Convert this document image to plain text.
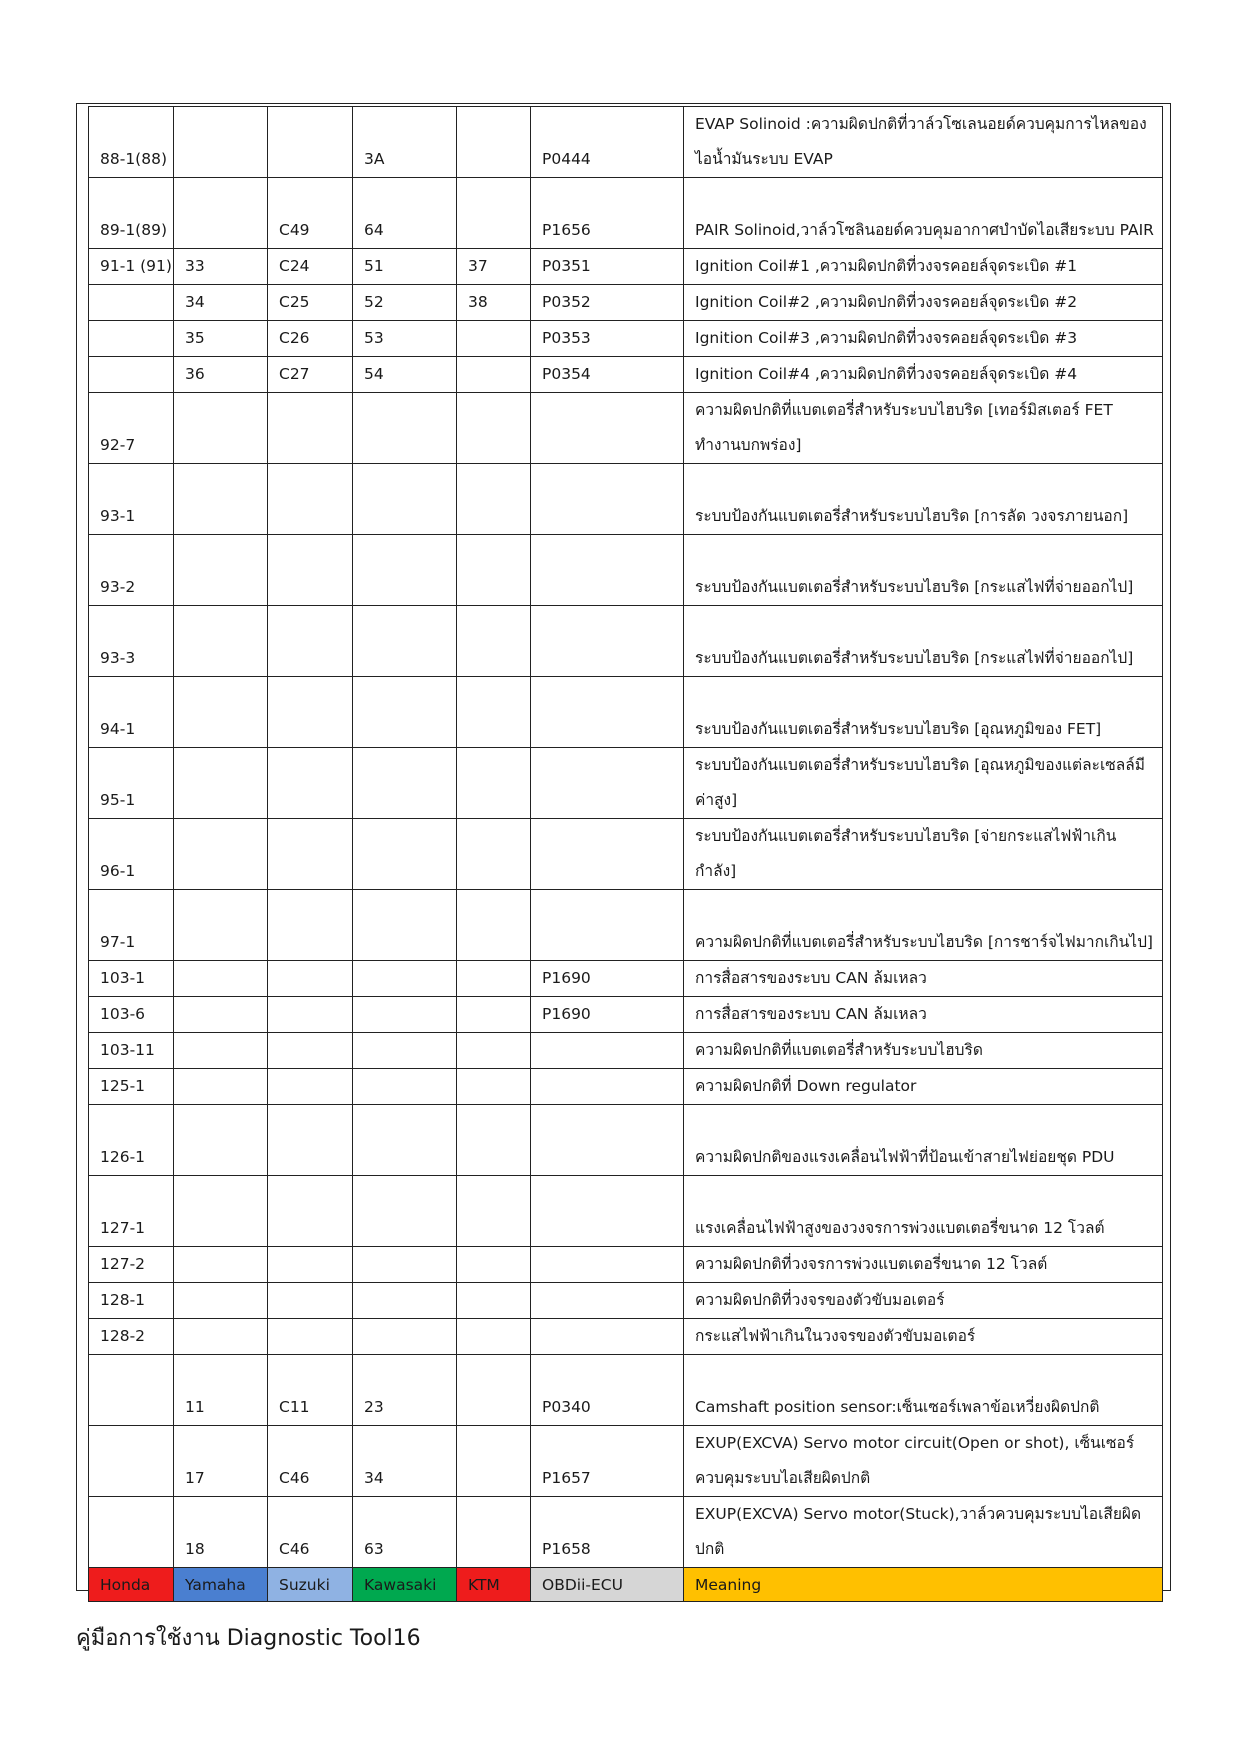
88-1(88)			3A		P0444	EVAP Solinoid :ความผิดปกติที่วาล์วโซเลนอยด์ควบคุมการไหลของไอน้ำมันระบบ EVAP
89-1(89)		C49	64		P1656	PAIR Solinoid,วาล์วโซลินอยด์ควบคุมอากาศบำบัดไอเสียระบบ PAIR
91-1 (91)	33	C24	51	37	P0351	Ignition Coil#1 ,ความผิดปกติที่วงจรคอยล์จุดระเบิด #1
	34	C25	52	38	P0352	Ignition Coil#2 ,ความผิดปกติที่วงจรคอยล์จุดระเบิด #2
	35	C26	53		P0353	Ignition Coil#3 ,ความผิดปกติที่วงจรคอยล์จุดระเบิด #3
	36	C27	54		P0354	Ignition Coil#4 ,ความผิดปกติที่วงจรคอยล์จุดระเบิด #4
92-7						ความผิดปกติที่แบตเตอรี่สำหรับระบบไฮบริด [เทอร์มิสเตอร์ FET ทำงานบกพร่อง]
93-1						ระบบป้องกันแบตเตอรี่สำหรับระบบไฮบริด [การลัด วงจรภายนอก]
93-2						ระบบป้องกันแบตเตอรี่สำหรับระบบไฮบริด [กระแสไฟที่จ่ายออกไป]
93-3						ระบบป้องกันแบตเตอรี่สำหรับระบบไฮบริด [กระแสไฟที่จ่ายออกไป]
94-1						ระบบป้องกันแบตเตอรี่สำหรับระบบไฮบริด [อุณหภูมิของ FET]
95-1						ระบบป้องกันแบตเตอรี่สำหรับระบบไฮบริด [อุณหภูมิของแต่ละเซลล์มีค่าสูง]
96-1						ระบบป้องกันแบตเตอรี่สำหรับระบบไฮบริด [จ่ายกระแสไฟฟ้าเกินกำลัง]
97-1						ความผิดปกติที่แบตเตอรี่สำหรับระบบไฮบริด [การชาร์จไฟมากเกินไป]
103-1					P1690	การสื่อสารของระบบ CAN ล้มเหลว
103-6					P1690	การสื่อสารของระบบ CAN ล้มเหลว
103-11						ความผิดปกติที่แบตเตอรี่สำหรับระบบไฮบริด
125-1						ความผิดปกติที่ Down regulator
126-1						ความผิดปกติของแรงเคลื่อนไฟฟ้าที่ป้อนเข้าสายไฟย่อยชุด PDU
127-1						แรงเคลื่อนไฟฟ้าสูงของวงจรการพ่วงแบตเตอรี่ขนาด 12 โวลต์
127-2						ความผิดปกติที่วงจรการพ่วงแบตเตอรี่ขนาด 12 โวลต์
128-1						ความผิดปกติที่วงจรของตัวขับมอเตอร์
128-2						กระแสไฟฟ้าเกินในวงจรของตัวขับมอเตอร์
	11	C11	23		P0340	Camshaft position sensor:เซ็นเซอร์เพลาข้อเหวี่ยงผิดปกติ
	17	C46	34		P1657	EXUP(EXCVA) Servo motor circuit(Open or shot), เซ็นเซอร์ควบคุมระบบไอเสียผิดปกติ
	18	C46	63		P1658	EXUP(EXCVA) Servo motor(Stuck),วาล์วควบคุมระบบไอเสียผิดปกติ
Honda	Yamaha	Suzuki	Kawasaki	KTM	OBDii-ECU	Meaning
คู่มือการใช้งาน Diagnostic Tool16
